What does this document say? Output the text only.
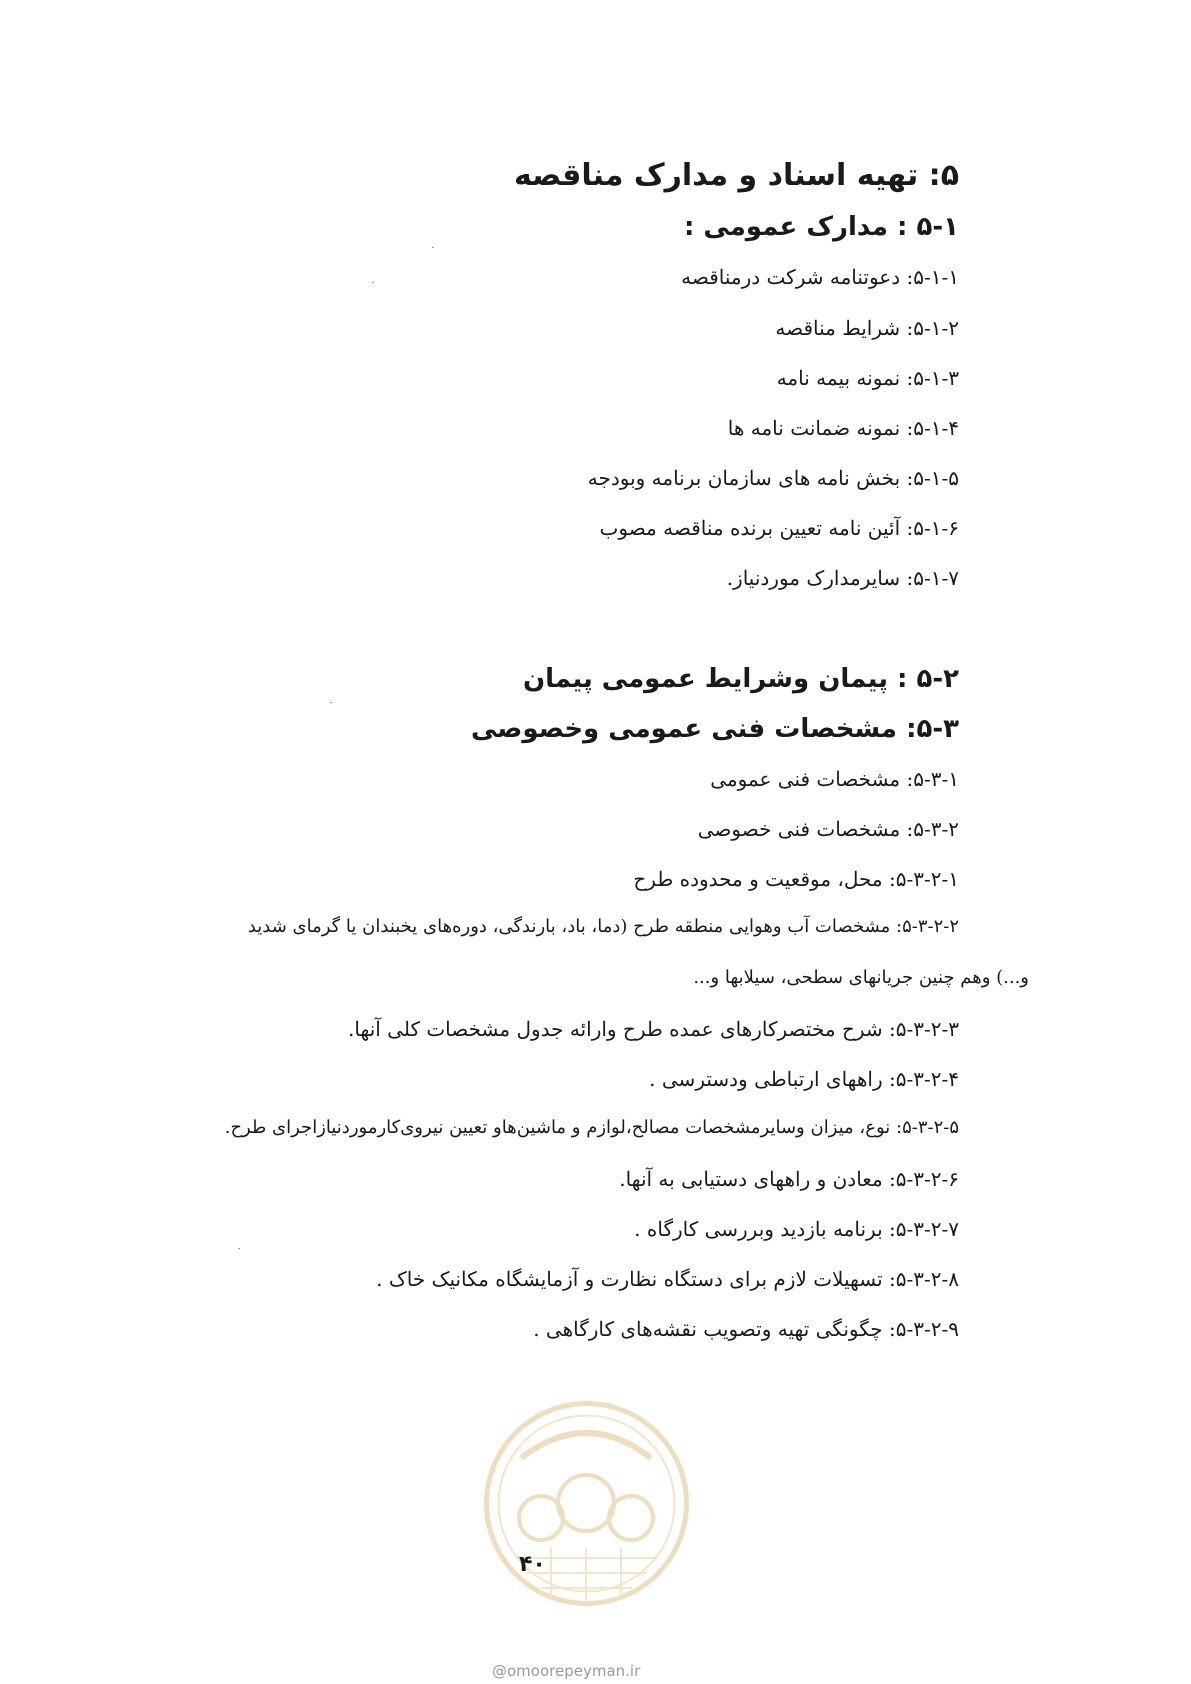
۵: تهیه اسناد و مدارک مناقصه
۵-۱ : مدارک عمومی :
۵-۱-۱: دعوتنامه شرکت درمناقصه
۵-۱-۲: شرایط مناقصه
۵-۱-۳: نمونه بیمه نامه
۵-۱-۴: نمونه ضمانت نامه ها
۵-۱-۵: بخش نامه های سازمان برنامه وبودجه
۵-۱-۶: آئین نامه تعیین برنده مناقصه مصوب
۵-۱-۷: سایرمدارک موردنیاز.
۵-۲ : پیمان وشرایط عمومی پیمان
۵-۳: مشخصات فنی عمومی وخصوصی
۵-۳-۱: مشخصات فنی عمومی
۵-۳-۲: مشخصات فنی خصوصی
۵-۳-۲-۱: محل، موقعیت و محدوده طرح
۵-۳-۲-۲: مشخصات آب وهوایی منطقه طرح (دما، باد، بارندگی، دوره‌های یخبندان یا گرمای شدید
و...) وهم چنین جریانهای سطحی، سیلابها و...
۵-۳-۲-۳: شرح مختصرکارهای عمده طرح وارائه جدول مشخصات کلی آنها.
۵-۳-۲-۴: راههای ارتباطی ودسترسی .
۵-۳-۲-۵: نوع، میزان وسایرمشخصات مصالح،لوازم و ماشین‌هاو تعیین نیروی‌کارموردنیازاجرای طرح.
۵-۳-۲-۶: معادن و راههای دستیابی به آنها.
۵-۳-۲-۷: برنامه بازدید وبررسی کارگاه .
۵-۳-۲-۸: تسهیلات لازم برای دستگاه نظارت و آزمایشگاه مکانیک خاک .
۵-۳-۲-۹: چگونگی تهیه وتصویب نقشه‌های کارگاهی .
۴۰
@omoorepeyman.ir
